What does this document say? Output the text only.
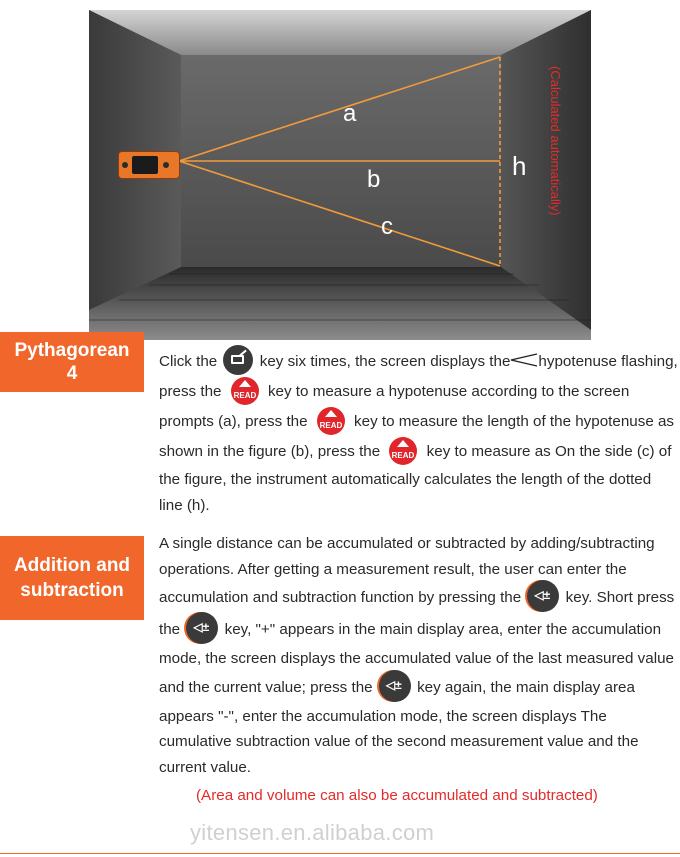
a
b
c
h	(Calculated automatically)
Pythagorean
4
Click the	key six times, the screen displays the hypotenuse flashing, press the READ key to measure a hypotenuse according to the screen prompts (a), press the READ key to measure the length of the hypotenuse as shown in the figure (b), press the READ key to measure as On the side (c) of the figure, the instrument automatically calculates the length of the dotted line (h).
Addition and subtraction
A single distance can be accumulated or subtracted by adding/subtracting operations. After getting a measurement result, the user can enter the accumulation and subtraction function by pressing the ◁± key. Short press the ◁± key, "+" appears in the main display area, enter the accumulation mode, the screen displays the accumulated value of the last measured value and the current value; press the ◁± key again, the main display area appears "-", enter the accumulation mode, the screen displays The cumulative subtraction value of the second measurement value and the current value.
(Area and volume can also be accumulated and subtracted)
yitensen.en.alibaba.com
